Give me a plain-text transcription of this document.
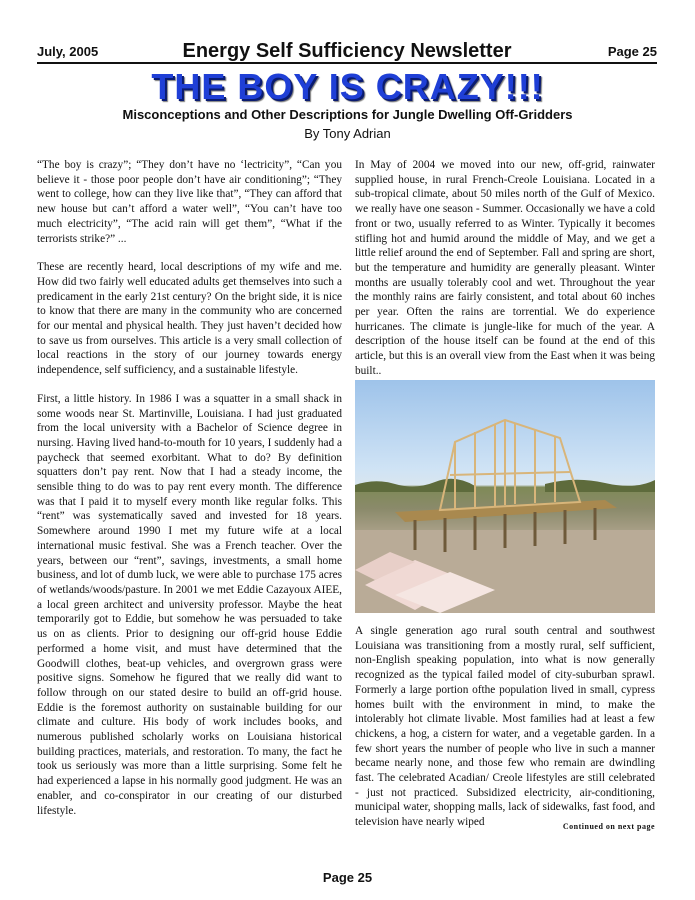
July, 2005	Energy Self Sufficiency Newsletter	Page 25
THE BOY IS CRAZY!!!
Misconceptions and Other Descriptions for Jungle Dwelling Off-Gridders
By Tony Adrian

“The boy is crazy”; “They don’t have no ‘lectricity”, “Can you believe it - those poor people don’t have air conditioning”; “They went to college, how can they live like that”, “They can afford that new house but can’t afford a water well”, “You can’t have too much electricity”, “The acid rain will get them”, “What if the terrorists strike?” ...

These are recently heard, local descriptions of my wife and me. How did two fairly well educated adults get themselves into such a predicament in the early 21st century? On the bright side, it is nice to know that there are many in the community who are concerned for our mental and physical health. They just haven’t decided how to save us from ourselves. This article is a very small collection of local reactions in the story of our journey towards energy independence, self sufficiency, and a sustainable lifestyle.

First, a little history. In 1986 I was a squatter in a small shack in some woods near St. Martinville, Louisiana. I had just graduated from the local university with a Bachelor of Science degree in nursing. Having lived hand-to-mouth for 10 years, I suddenly had a paycheck that seemed exorbitant. What to do? By definition squatters don’t pay rent. Now that I had a steady income, the sensible thing to do was to pay rent every month. The difference was that I paid it to myself every month like regular folks. This “rent” was systematically saved and invested for 18 years. Somewhere around 1990 I met my future wife at a local international music festival. She was a French teacher. Over the years, between our “rent”, savings, investments, a small home business, and lot of dumb luck, we were able to purchase 175 acres of wetlands/woods/pasture. In 2001 we met Eddie Cazayoux AIEE, a local green architect and university professor. Maybe the heat temporarily got to Eddie, but somehow he was persuaded to take us on as clients. Prior to designing our off-grid house Eddie performed a home visit, and must have determined that the Goodwill clothes, beat-up vehicles, and overgrown grass were positive signs. Somehow he figured that we really did want to follow through on our stated desire to build an off-grid house. Eddie is the foremost authority on sustainable building for our climate and culture. His body of work includes books, and numerous published scholarly works on Louisiana historical building practices, materials, and restoration. To many, the fact he took us seriously was more than a little surprising. Some felt he had experienced a lapse in his normally good judgment. He was an enabler, and co-conspirator in our creating of our disturbed lifestyle.

In May of 2004 we moved into our new, off-grid, rainwater supplied house, in rural French-Creole Louisiana. Located in a sub-tropical climate, about 50 miles north of the Gulf of Mexico. we really have one season - Summer. Occasionally we have a cold front or two, usually referred to as Winter. Typically it becomes stifling hot and humid around the middle of May, and we get a little relief around the end of September. Fall and spring are short, but the temperature and humidity are generally pleasant. Winter months are usually tolerably cool and wet. Throughout the year the monthly rains are fairly consistent, and total about 60 inches per year. Often the rains are torrential. We do experience hurricanes. The climate is jungle-like for much of the year. A description of the house itself can be found at the end of this article, but this is an overall view from the East when it was being built..

A single generation ago rural south central and southwest Louisiana was transitioning from a mostly rural, self sufficient, non-English speaking population, into what is now generally recognized as the typical failed model of city-suburban sprawl. Formerly a large portion ofthe population lived in small, cypress homes built with the environment in mind, to make the intolerably hot climate livable. Most families had at least a few chickens, a hog, a cistern for water, and a vegetable garden. In a few short years the number of people who live in such a manner became nearly none, and those few who remain are dwindling fast. The celebrated Acadian/ Creole lifestyles are still celebrated - just not practiced. Subsidized electricity, air-conditioning, municipal water, shopping malls, lack of sidewalks, fast food, and television have nearly wiped	Continued on next page
Page 25
